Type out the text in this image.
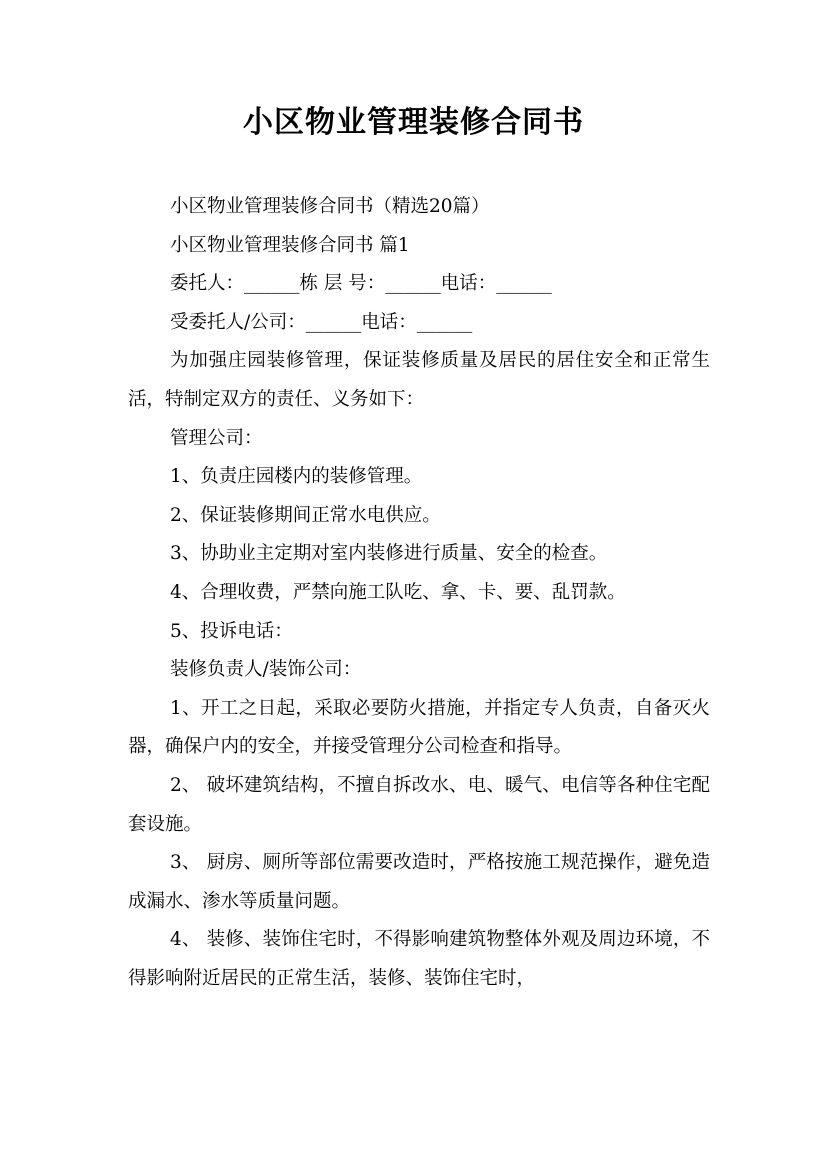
小区物业管理装修合同书

小区物业管理装修合同书（精选20篇）

小区物业管理装修合同书 篇1

委托人：______栋 层 号：______电话：______

受委托人/公司：______电话：______

为加强庄园装修管理，保证装修质量及居民的居住安全和正常生活，特制定双方的责任、义务如下：

管理公司：

1、负责庄园楼内的装修管理。

2、保证装修期间正常水电供应。

3、协助业主定期对室内装修进行质量、安全的检查。

4、合理收费，严禁向施工队吃、拿、卡、要、乱罚款。

5、投诉电话：

装修负责人/装饰公司：

1、开工之日起，采取必要防火措施，并指定专人负责，自备灭火器，确保户内的安全，并接受管理分公司检查和指导。

2、 破坏建筑结构，不擅自拆改水、电、暖气、电信等各种住宅配套设施。

3、 厨房、厕所等部位需要改造时，严格按施工规范操作，避免造成漏水、渗水等质量问题。

4、 装修、装饰住宅时，不得影响建筑物整体外观及周边环境，不得影响附近居民的正常生活，装修、装饰住宅时，
